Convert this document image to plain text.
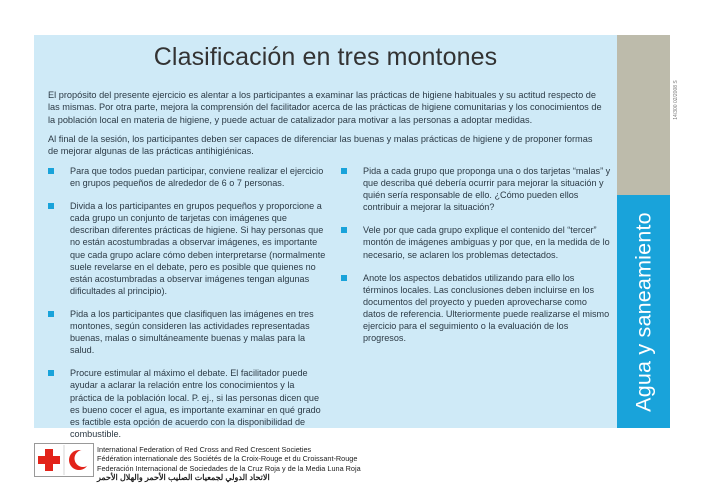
Clasificación en tres montones

El propósito del presente ejercicio es alentar a los participantes a examinar las prácticas de higiene habituales y su actitud respecto de las mismas. Por otra parte, mejora la comprensión del facilitador acerca de las prácticas de higiene comunitarias y los conocimientos de la población local en materia de higiene, y puede actuar de catalizador para motivar a las personas a adoptar medidas.

Al final de la sesión, los participantes deben ser capaces de diferenciar las buenas y malas prácticas de higiene y de proponer formas de mejorar algunas de las prácticas antihigiénicas.

Para que todos puedan participar, conviene realizar el ejercicio en grupos pequeños de alrededor de 6 o 7 personas.
Divida a los participantes en grupos pequeños y proporcione a cada grupo un conjunto de tarjetas con imágenes que describan diferentes prácticas de higiene. Si hay personas que no están acostumbradas a observar imágenes, es importante que cada grupo aclare cómo deben interpretarse (normalmente suele revelarse en el debate, pero es posible que quienes no están acostumbradas a observar imágenes tengan algunas dificultades al principio).
Pida a los participantes que clasifiquen las imágenes en tres montones, según consideren las actividades representadas buenas, malas o simultáneamente buenas y malas para la salud.
Procure estimular al máximo el debate. El facilitador puede ayudar a aclarar la relación entre los conocimientos y la práctica de la población local. P. ej., si las personas dicen que es bueno cocer el agua, es importante examinar en qué grado es factible esta opción de acuerdo con la disponibilidad de combustible.
Pida a cada grupo que proponga una o dos tarjetas “malas” y que describa qué debería ocurrir para mejorar la situación y quién sería responsable de ello. ¿Cómo pueden ellos contribuir a mejorar la situación?
Vele por que cada grupo explique el contenido del “tercer” montón de imágenes ambiguas y por que, en la medida de lo necesario, se aclaren los problemas detectados.
Anote los aspectos debatidos utilizando para ello los términos locales. Las conclusiones deben incluirse en los documentos del proyecto y pueden aprovecharse como datos de referencia. Ulteriormente puede realizarse el mismo ejercicio para el seguimiento o la evaluación de los progresos.	Agua y saneamiento
14/300 02/2008 S
International Federation of Red Cross and Red Crescent Societies
Fédération internationale des Sociétés de la Croix-Rouge et du Croissant-Rouge
Federación Internacional de Sociedades de la Cruz Roja y de la Media Luna Roja
الاتحاد الدولي لجمعيات الصليب الأحمر والهلال الأحمر
